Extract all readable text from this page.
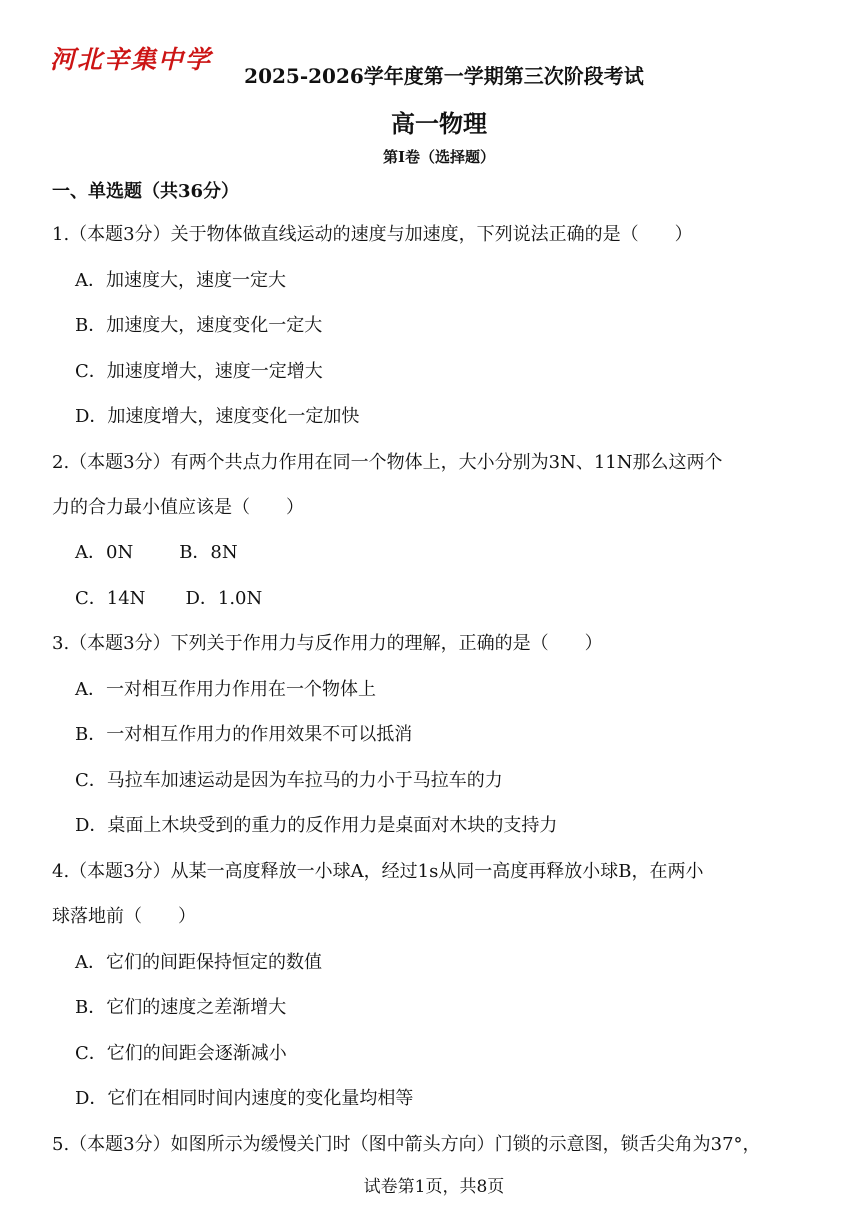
河北辛集中学
2025-2026学年度第一学期第三次阶段考试
高一物理
第Ⅰ卷（选择题）
一、单选题（共36分）
1.（本题3分）关于物体做直线运动的速度与加速度，下列说法正确的是（　　）
A．加速度大，速度一定大
B．加速度大，速度变化一定大
C．加速度增大，速度一定增大
D．加速度增大，速度变化一定加快
2.（本题3分）有两个共点力作用在同一个物体上，大小分别为3N、11N那么这两个
力的合力最小值应该是（　　）
A．0N	B．8N
C．14N D．1.0N
3.（本题3分）下列关于作用力与反作用力的理解，正确的是（　　）
A．一对相互作用力作用在一个物体上
B．一对相互作用力的作用效果不可以抵消
C．马拉车加速运动是因为车拉马的力小于马拉车的力
D．桌面上木块受到的重力的反作用力是桌面对木块的支持力
4.（本题3分）从某一高度释放一小球A，经过1s从同一高度再释放小球B，在两小
球落地前（　　）
A．它们的间距保持恒定的数值
B．它们的速度之差渐增大
C．它们的间距会逐渐减小
D．它们在相同时间内速度的变化量均相等
5.（本题3分）如图所示为缓慢关门时（图中箭头方向）门锁的示意图，锁舌尖角为37°，
试卷第1页，共8页
